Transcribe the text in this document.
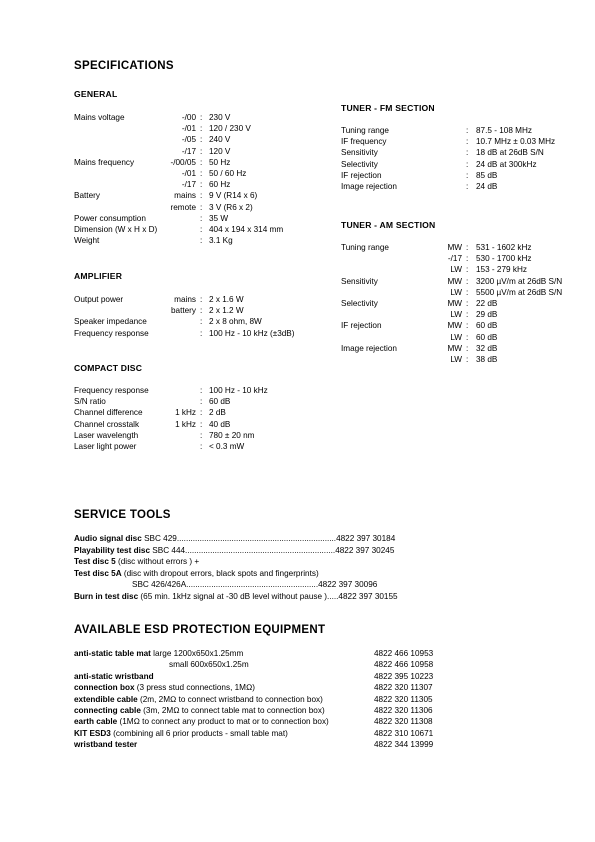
SPECIFICATIONS
GENERAL
Mains voltage	-/00 : 230 V
-/01 : 120 / 230 V
-/05 : 240 V
-/17 : 120 V
Mains frequency	-/00/05 : 50 Hz
-/01 : 50 / 60 Hz
-/17 : 60 Hz
Battery	mains : 9 V (R14 x 6)
remote : 3 V (R6 x 2)
Power consumption	: 35 W
Dimension (W x H x D)	: 404 x 194 x 314 mm
Weight	: 3.1 Kg
AMPLIFIER
Output power	mains : 2 x 1.6 W
battery : 2 x 1.2 W
Speaker impedance	: 2 x 8 ohm, 8W
Frequency response	: 100 Hz - 10 kHz (±3dB)
COMPACT DISC
Frequency response	: 100 Hz - 10 kHz
S/N ratio	: 60 dB
Channel difference	1 kHz : 2 dB
Channel crosstalk	1 kHz : 40 dB
Laser wavelength	: 780 ± 20 nm
Laser light power	: < 0.3 mW
TUNER - FM SECTION
Tuning range	: 87.5 - 108 MHz
IF frequency	: 10.7 MHz ± 0.03 MHz
Sensitivity	: 18 dB at 26dB S/N
Selectivity	: 24 dB at 300kHz
IF rejection	: 85 dB
Image rejection	: 24 dB
TUNER - AM SECTION
Tuning range	MW : 531 - 1602 kHz
-/17 : 530 - 1700 kHz
LW : 153 - 279 kHz
Sensitivity	MW : 3200 µV/m at 26dB S/N
LW : 5500 µV/m at 26dB S/N
Selectivity	MW : 22 dB
LW : 29 dB
IF rejection	MW : 60 dB
LW : 60 dB
Image rejection	MW : 32 dB
LW : 38 dB
SERVICE TOOLS
Audio signal disc SBC 429......................................................................4822 397 30184
Playability test disc SBC 444..................................................................4822 397 30245
Test disc 5 (disc without errors ) +
Test disc 5A (disc with dropout errors, black spots and fingerprints)
SBC 426/426A..........................................................4822 397 30096
Burn in test disc (65 min. 1kHz signal at -30 dB level without pause ).....4822 397 30155
AVAILABLE ESD PROTECTION EQUIPMENT
anti-static table mat large 1200x650x1.25mm	4822 466 10953
small 600x650x1.25m	4822 466 10958
anti-static wristband	4822 395 10223
connection box (3 press stud connections, 1MΩ)	4822 320 11307
extendible cable (2m, 2MΩ to connect wristband to connection box)	4822 320 11305
connecting cable (3m, 2MΩ to connect table mat to connection box)	4822 320 11306
earth cable (1MΩ to connect any product to mat or to connection box)	4822 320 11308
KIT ESD3 (combining all 6 prior products - small table mat)	4822 310 10671
wristband tester	4822 344 13999
